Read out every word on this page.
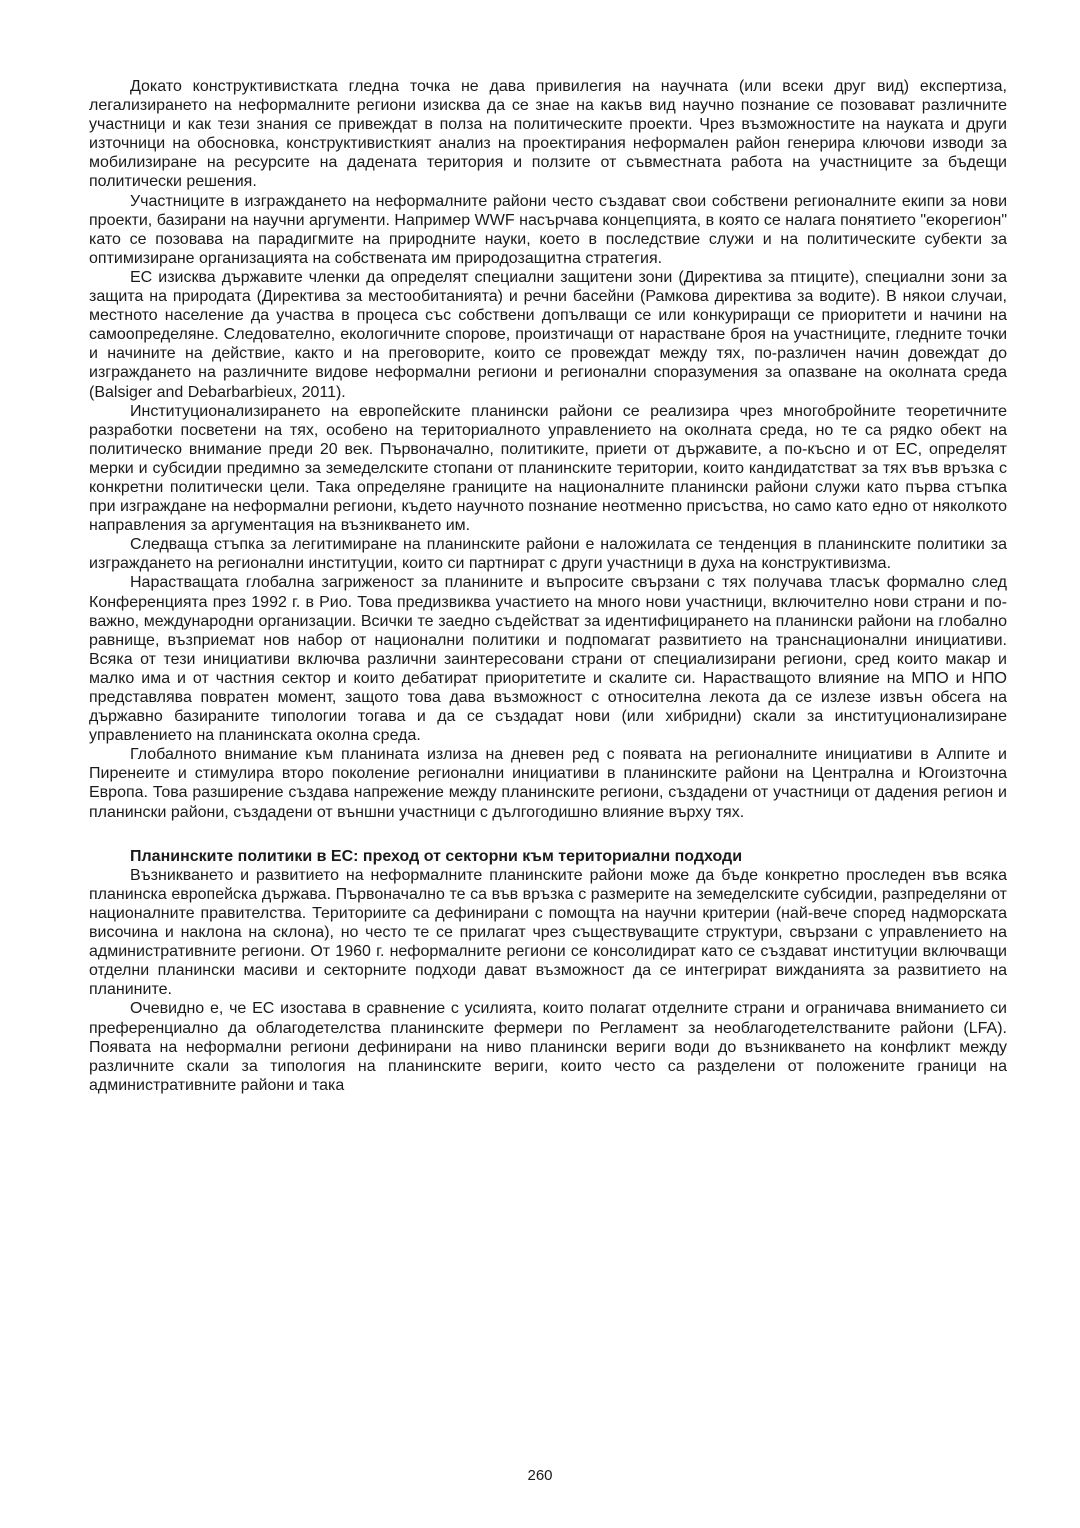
Докато конструктивистката гледна точка не дава привилегия на научната (или всеки друг вид) експертиза, легализирането на неформалните региони изисква да се знае на какъв вид научно познание се позовават различните участници и как тези знания се привеждат в полза на политическите проекти. Чрез възможностите на науката и други източници на обосновка, конструктивисткият анализ на проектирания неформален район генерира ключови изводи за мобилизиране на ресурсите на дадената територия и ползите от съвместната работа на участниците за бъдещи политически решения.

Участниците в изграждането на неформалните райони често създават свои собствени регионалните екипи за нови проекти, базирани на научни аргументи. Например WWF насърчава концепцията, в която се налага понятието "екорегион" като се позовава на парадигмите на природните науки, което в последствие служи и на политическите субекти за оптимизиране организацията на собствената им природозащитна стратегия.

ЕС изисква държавите членки да определят специални защитени зони (Директива за птиците), специални зони за защита на природата (Директива за местообитанията) и речни басейни (Рамкова директива за водите). В някои случаи, местното население да участва в процеса със собствени допълващи се или конкуриращи се приоритети и начини на самоопределяне. Следователно, екологичните спорове, произтичащи от нарастване броя на участниците, гледните точки и начините на действие, както и на преговорите, които се провеждат между тях, по-различен начин довеждат до изграждането на различните видове неформални региони и регионални споразумения за опазване на околната среда (Balsiger and Debarbarbieux, 2011).

Институционализирането на европейските планински райони се реализира чрез многобройните теоретичните разработки посветени на тях, особено на териториалното управлението на околната среда, но те са рядко обект на политическо внимание преди 20 век. Първоначално, политиките, приети от държавите, а по-късно и от ЕС, определят мерки и субсидии предимно за земеделските стопани от планинските територии, които кандидатстват за тях във връзка с конкретни политически цели. Така определяне границите на националните планински райони служи като първа стъпка при изграждане на неформални региони, където научното познание неотменно присъства, но само като едно от няколкото направления за аргументация на възникването им.

Следваща стъпка за легитимиране на планинските райони е наложилата се тенденция в планинските политики за изграждането на регионални институции, които си партнират с други участници в духа на конструктивизма.

Нарастващата глобална загриженост за планините и въпросите свързани с тях получава тласък формално след Конференцията през 1992 г. в Рио. Това предизвиква участието на много нови участници, включително нови страни и по-важно, международни организации. Всички те заедно съдействат за идентифицирането на планински райони на глобално равнище, възприемат нов набор от национални политики и подпомагат развитието на транснационални инициативи. Всяка от тези инициативи включва различни заинтересовани страни от специализирани региони, сред които макар и малко има и от частния сектор и които дебатират приоритетите и скалите си. Нарастващото влияние на МПО и НПО представлява повратен момент, защото това дава възможност с относителна лекота да се излезе извън обсега на държавно базираните типологии тогава и да се създадат нови (или хибридни) скали за институционализиране управлението на планинската околна среда.

Глобалното внимание към планината излиза на дневен ред с появата на регионалните инициативи в Алпите и Пиренеите и стимулира второ поколение регионални инициативи в планинските райони на Централна и Югоизточна Европа. Това разширение създава напрежение между планинските региони, създадени от участници от дадения регион и планински райони, създадени от външни участници с дългогодишно влияние върху тях.

Планинските политики в ЕС: преход от секторни към териториални подходи

Възникването и развитието на неформалните планинските райони може да бъде конкретно проследен във всяка планинска европейска държава. Първоначално те са във връзка с размерите на земеделските субсидии, разпределяни от националните правителства. Териториите са дефинирани с помощта на научни критерии (най-вече според надморската височина и наклона на склона), но често те се прилагат чрез съществуващите структури, свързани с управлението на административните региони. От 1960 г. неформалните региони се консолидират като се създават институции включващи отделни планински масиви и секторните подходи дават възможност да се интегрират вижданията за развитието на планините.

Очевидно е, че ЕС изостава в сравнение с усилията, които полагат отделните страни и ограничава вниманието си преференциално да облагодетелства планинските фермери по Регламент за необлагодетелстваните райони (LFA). Появата на неформални региони дефинирани на ниво планински вериги води до възникването на конфликт между различните скали за типология на планинските вериги, които често са разделени от положените граници на административните райони и така

260
